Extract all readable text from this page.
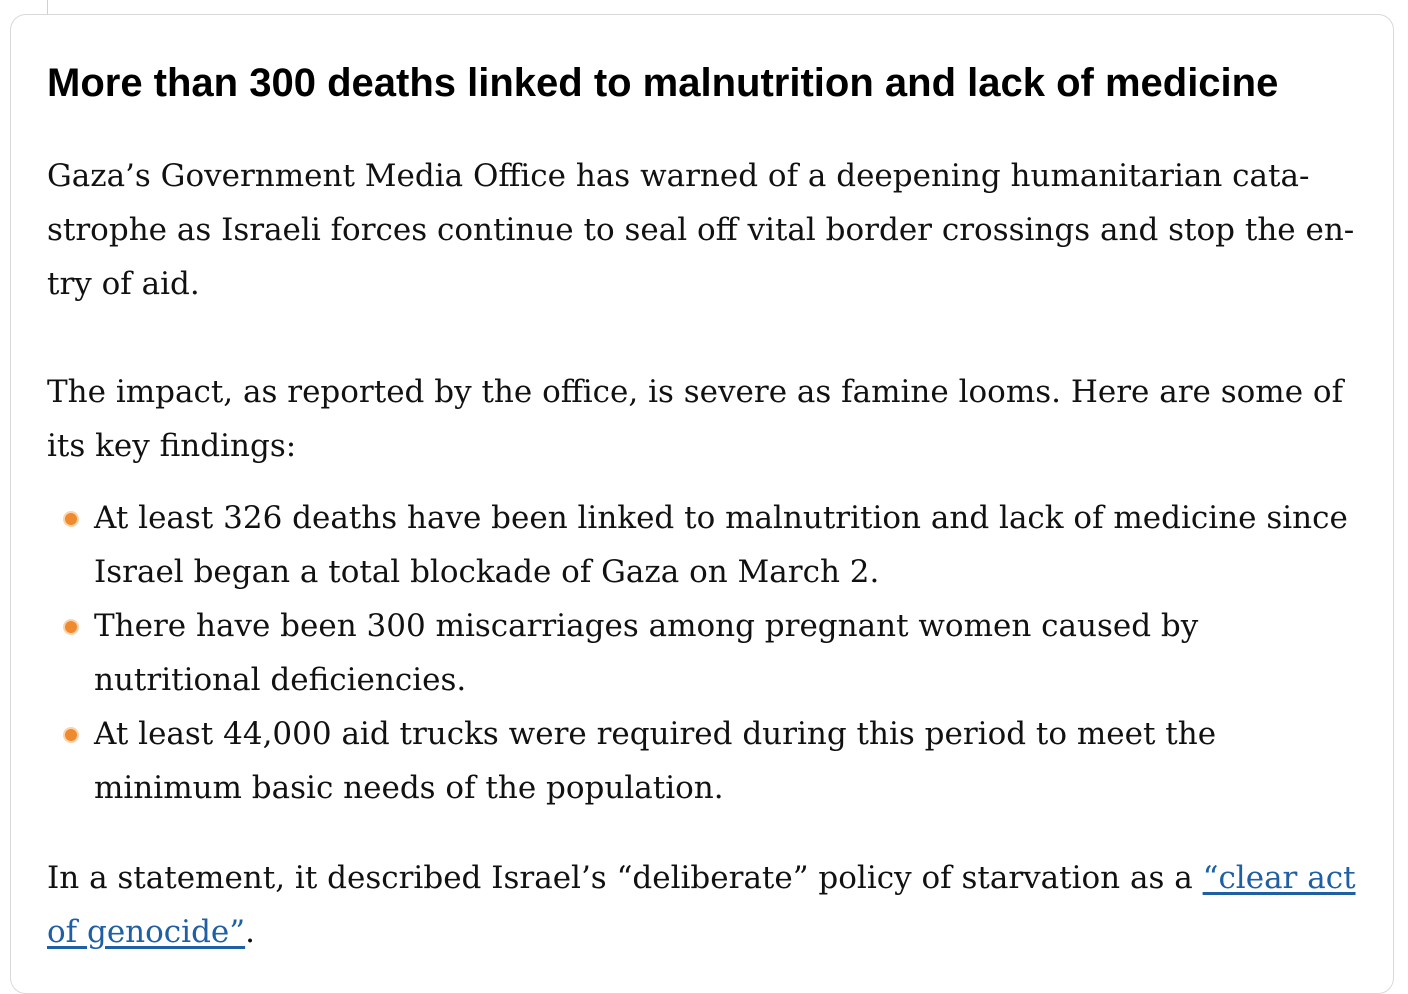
More than 300 deaths linked to malnutrition and lack of medicine

Gaza’s Government Media Office has warned of a deepening humanitarian cata-
strophe as Israeli forces continue to seal off vital border crossings and stop the en-
try of aid.

The impact, as reported by the office, is severe as famine looms. Here are some of
its key findings:

At least 326 deaths have been linked to malnutrition and lack of medicine since
Israel began a total blockade of Gaza on March 2.
There have been 300 miscarriages among pregnant women caused by
nutritional deficiencies.
At least 44,000 aid trucks were required during this period to meet the
minimum basic needs of the population.

In a statement, it described Israel’s “deliberate” policy of starvation as a “clear act
of genocide”.
